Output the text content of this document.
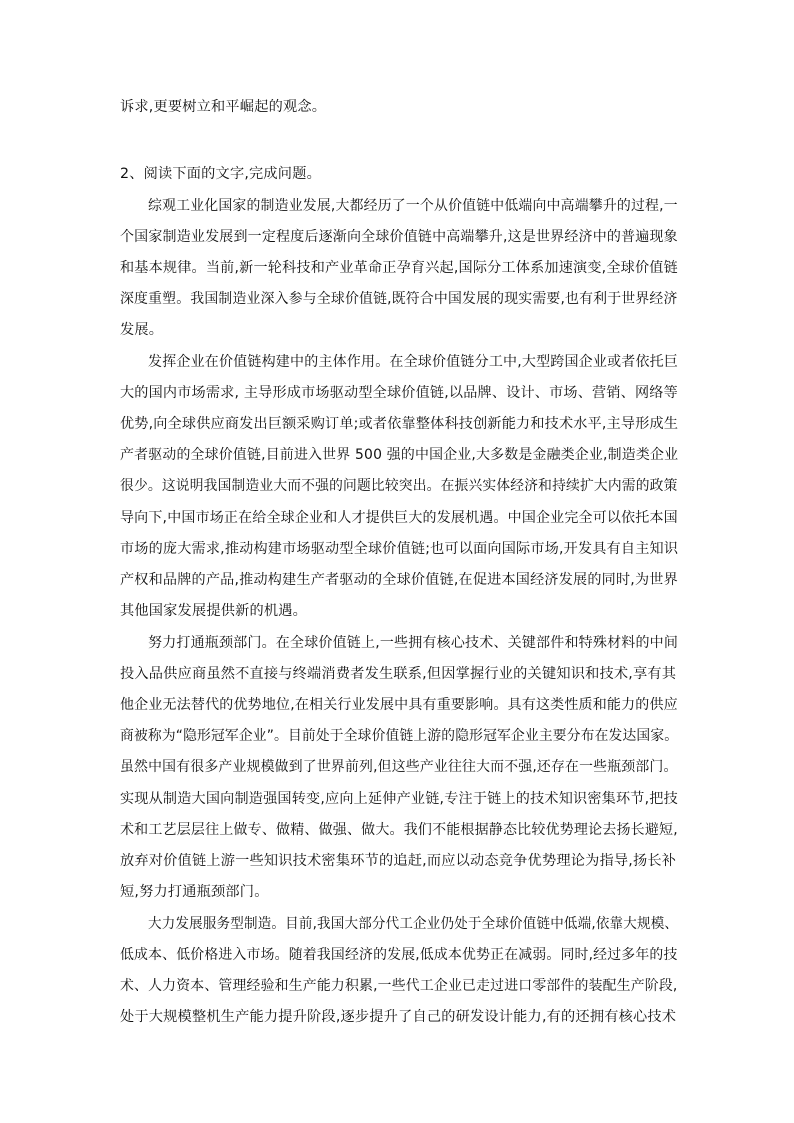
诉求,更要树立和平崛起的观念。
2、阅读下面的文字,完成问题。
综观工业化国家的制造业发展,大都经历了一个从价值链中低端向中高端攀升的过程,一
个国家制造业发展到一定程度后逐渐向全球价值链中高端攀升,这是世界经济中的普遍现象
和基本规律。当前,新一轮科技和产业革命正孕育兴起,国际分工体系加速演变,全球价值链
深度重塑。我国制造业深入参与全球价值链,既符合中国发展的现实需要,也有利于世界经济
发展。
发挥企业在价值链构建中的主体作用。在全球价值链分工中,大型跨国企业或者依托巨
大的国内市场需求, 主导形成市场驱动型全球价值链,以品牌、设计、市场、营销、网络等
优势,向全球供应商发出巨额采购订单;或者依靠整体科技创新能力和技术水平,主导形成生
产者驱动的全球价值链,目前进入世界 500 强的中国企业,大多数是金融类企业,制造类企业
很少。这说明我国制造业大而不强的问题比较突出。在振兴实体经济和持续扩大内需的政策
导向下,中国市场正在给全球企业和人才提供巨大的发展机遇。中国企业完全可以依托本国
市场的庞大需求,推动构建市场驱动型全球价值链;也可以面向国际市场,开发具有自主知识
产权和品牌的产品,推动构建生产者驱动的全球价值链,在促进本国经济发展的同时,为世界
其他国家发展提供新的机遇。
努力打通瓶颈部门。在全球价值链上,一些拥有核心技术、关键部件和特殊材料的中间
投入品供应商虽然不直接与终端消费者发生联系,但因掌握行业的关键知识和技术,享有其
他企业无法替代的优势地位,在相关行业发展中具有重要影响。具有这类性质和能力的供应
商被称为“隐形冠军企业”。目前处于全球价值链上游的隐形冠军企业主要分布在发达国家。
虽然中国有很多产业规模做到了世界前列,但这些产业往往大而不强,还存在一些瓶颈部门。
实现从制造大国向制造强国转变,应向上延伸产业链,专注于链上的技术知识密集环节,把技
术和工艺层层往上做专、做精、做强、做大。我们不能根据静态比较优势理论去扬长避短,
放弃对价值链上游一些知识技术密集环节的追赶,而应以动态竞争优势理论为指导,扬长补
短,努力打通瓶颈部门。
大力发展服务型制造。目前,我国大部分代工企业仍处于全球价值链中低端,依靠大规模、
低成本、低价格进入市场。随着我国经济的发展,低成本优势正在减弱。同时,经过多年的技
术、人力资本、管理经验和生产能力积累,一些代工企业已走过进口零部件的装配生产阶段,
处于大规模整机生产能力提升阶段,逐步提升了自己的研发设计能力,有的还拥有核心技术
